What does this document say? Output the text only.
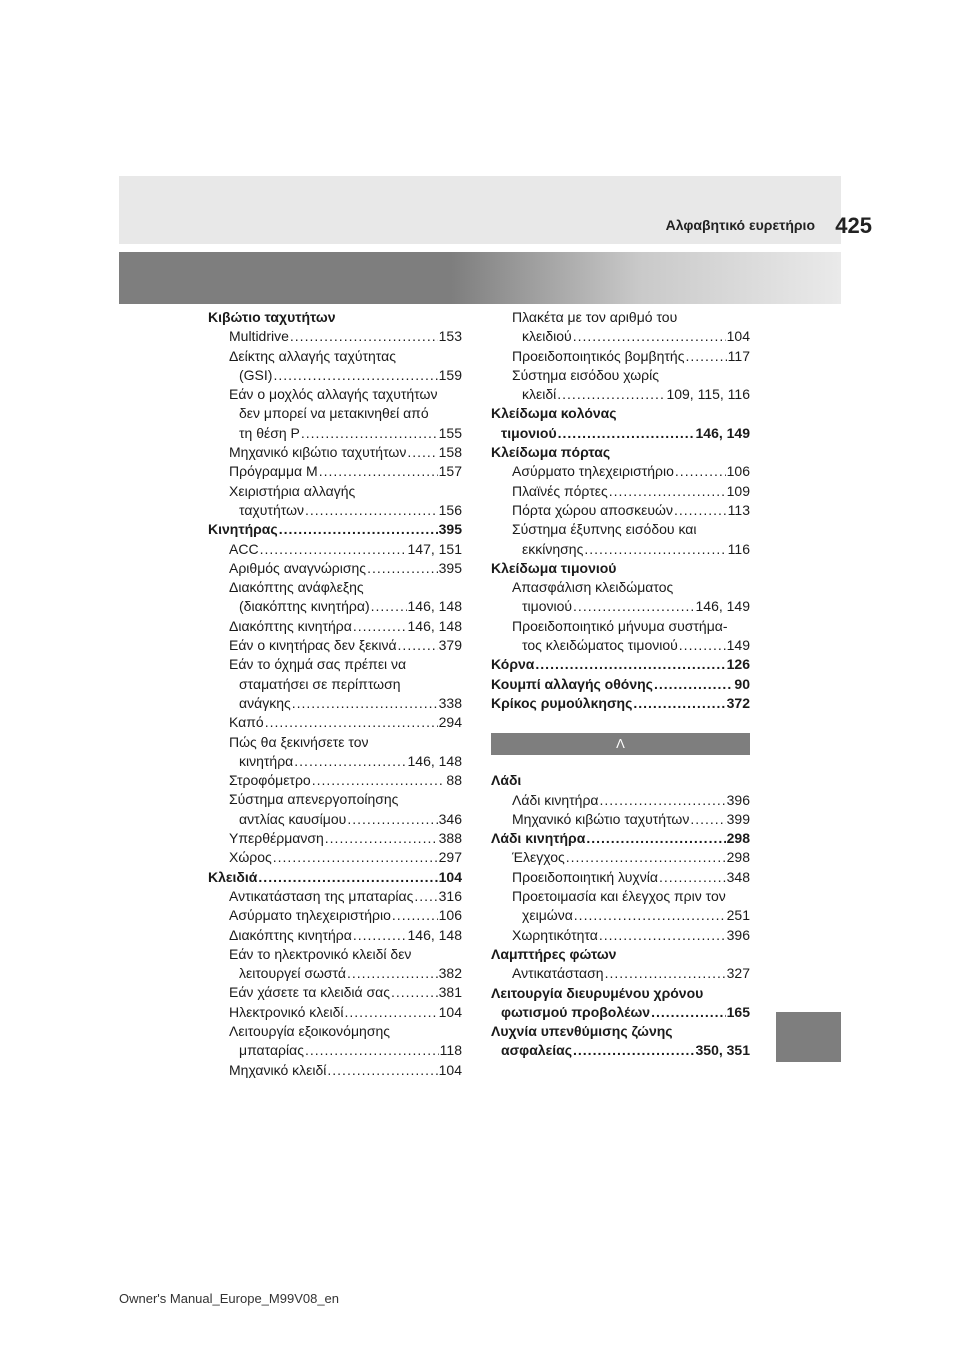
Αλφαβητικό ευρετήριο 425
Κιβώτιο ταχυτήτων
Multidrive .....	153
Δείκτης αλλαγής ταχύτητας
(GSI) .....	159
Εάν ο μοχλός αλλαγής ταχυτήτων
δεν μπορεί να μετακινηθεί από
τη θέση P .....	155
Μηχανικό κιβώτιο ταχυτήτων ..... 158
Πρόγραμμα M .....	157
Χειριστήρια αλλαγής
ταχυτήτων .....	156
Κινητήρας .....	395
ACC .....	147, 151
Αριθμός αναγνώρισης .....	395
Διακόπτης ανάφλεξης
(διακόπτης κινητήρα) .....	146, 148
Διακόπτης κινητήρα .....	146, 148
Εάν ο κινητήρας δεν ξεκινά .....	379
Εάν το όχημά σας πρέπει να
σταματήσει σε περίπτωση
ανάγκης .....	338
Καπό .....	294
Πώς θα ξεκινήσετε τον
κινητήρα .....	146, 148
Στροφόμετρο .....	88
Σύστημα απενεργοποίησης
αντλίας καυσίμου .....	346
Υπερθέρμανση .....	388
Χώρος .....	297
Κλειδιά .....	104
Αντικατάσταση της μπαταρίας ..... 316
Ασύρματο τηλεχειριστήριο .....	106
Διακόπτης κινητήρα .....	146, 148
Εάν το ηλεκτρονικό κλειδί δεν
λειτουργεί σωστά .....	382
Εάν χάσετε τα κλειδιά σας .....	381
Ηλεκτρονικό κλειδί .....	104
Λειτουργία εξοικονόμησης
μπαταρίας .....	118
Μηχανικό κλειδί .....	104
Πλακέτα με τον αριθμό του
κλειδιού .....	104
Προειδοποιητικός βομβητής .....	117
Σύστημα εισόδου χωρίς
κλειδί .....	109, 115, 116
Κλείδωμα κολόνας
τιμονιού .....	146, 149
Κλείδωμα πόρτας
Ασύρματο τηλεχειριστήριο .....	106
Πλαϊνές πόρτες .....	109
Πόρτα χώρου αποσκευών .....	113
Σύστημα έξυπνης εισόδου και
εκκίνησης .....	116
Κλείδωμα τιμονιού
Απασφάλιση κλειδώματος
τιμονιού .....	146, 149
Προειδοποιητικό μήνυμα συστήμα-
τος κλειδώματος τιμονιού .....	149
Κόρνα .....	126
Κουμπί αλλαγής οθόνης .....	90
Κρίκος ρυμούλκησης .....	372
Λ
Λάδι
Λάδι κινητήρα .....	396
Μηχανικό κιβώτιο ταχυτήτων .....	399
Λάδι κινητήρα .....	298
Έλεγχος .....	298
Προειδοποιητική λυχνία .....	348
Προετοιμασία και έλεγχος πριν τον
χειμώνα .....	251
Χωρητικότητα .....	396
Λαμπτήρες φώτων
Αντικατάσταση .....	327
Λειτουργία διευρυμένου χρόνου
φωτισμού προβολέων .....	165
Λυχνία υπενθύμισης ζώνης
ασφαλείας .....	350, 351
Owner's Manual_Europe_M99V08_en
